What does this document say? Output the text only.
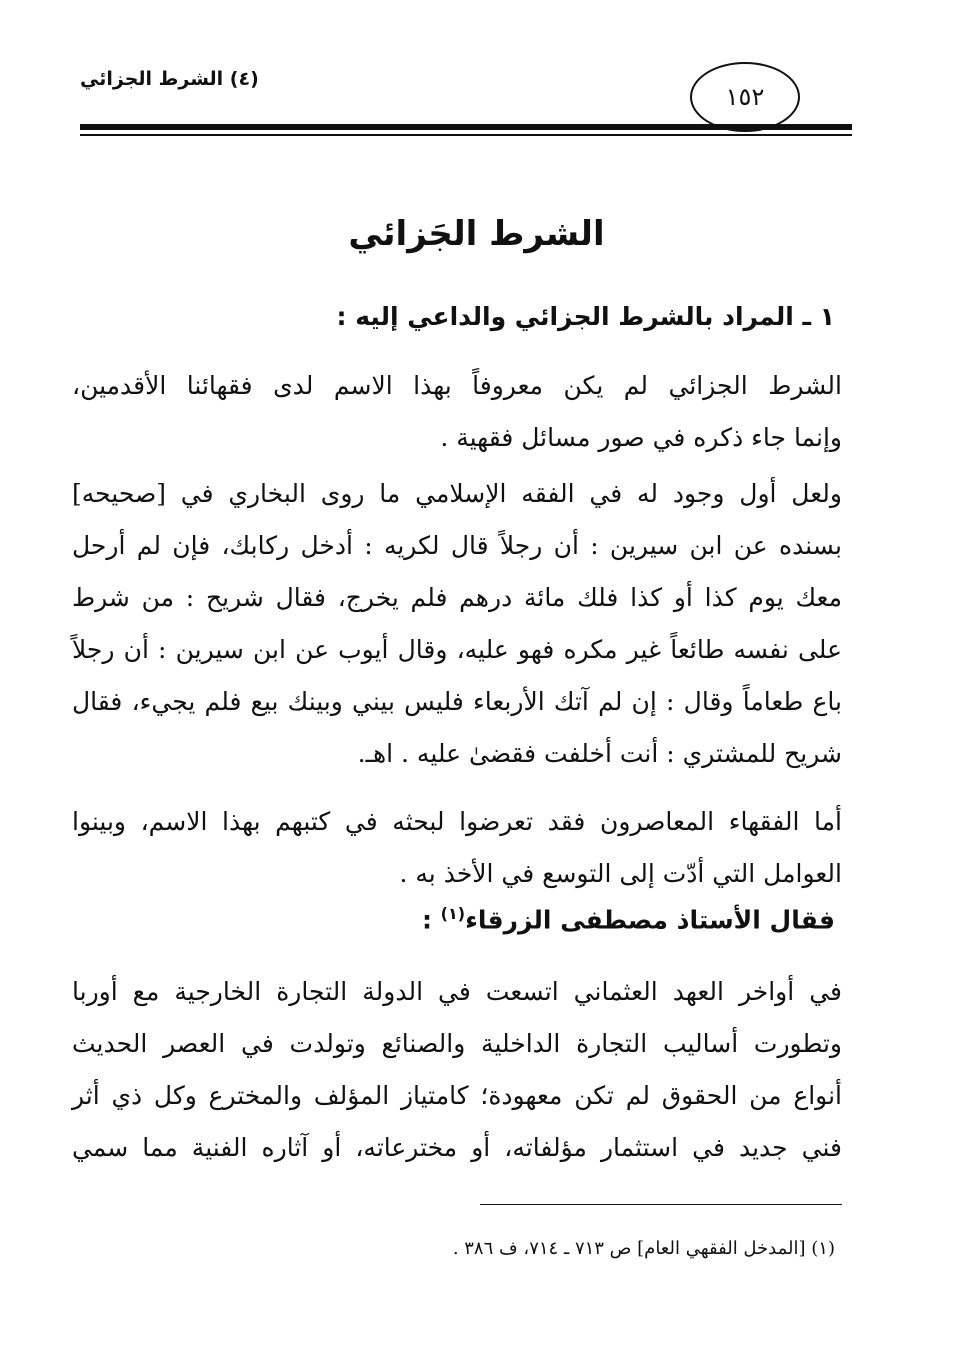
(٤) الشرط الجزائي
١٥٢
الشرط الجَزائي
١ ـ المراد بالشرط الجزائي والداعي إليه :
الشرط الجزائي لم يكن معروفاً بهذا الاسم لدى فقهائنا الأقدمين،
وإنما جاء ذكره في صور مسائل فقهية .
ولعل أول وجود له في الفقه الإسلامي ما روى البخاري في [صحيحه]
بسنده عن ابن سيرين : أن رجلاً قال لكريه : أدخل ركابك، فإن لم أرحل
معك يوم كذا أو كذا فلك مائة درهم فلم يخرج، فقال شريح : من شرط
على نفسه طائعاً غير مكره فهو عليه، وقال أيوب عن ابن سيرين : أن رجلاً
باع طعاماً وقال : إن لم آتك الأربعاء فليس بيني وبينك بيع فلم يجيء، فقال
شريح للمشتري : أنت أخلفت فقضىٰ عليه . اهـ.
أما الفقهاء المعاصرون فقد تعرضوا لبحثه في كتبهم بهذا الاسم، وبينوا
العوامل التي أدّت إلى التوسع في الأخذ به .
فقال الأستاذ مصطفى الزرقاء$^{(١)}$ :
في أواخر العهد العثماني اتسعت في الدولة التجارة الخارجية مع أوربا
وتطورت أساليب التجارة الداخلية والصنائع وتولدت في العصر الحديث
أنواع من الحقوق لم تكن معهودة؛ كامتياز المؤلف والمخترع وكل ذي أثر
فني جديد في استثمار مؤلفاته، أو مخترعاته، أو آثاره الفنية مما سمي
(١) [المدخل الفقهي العام] ص ٧١٣ ـ ٧١٤، ف ٣٨٦ .
